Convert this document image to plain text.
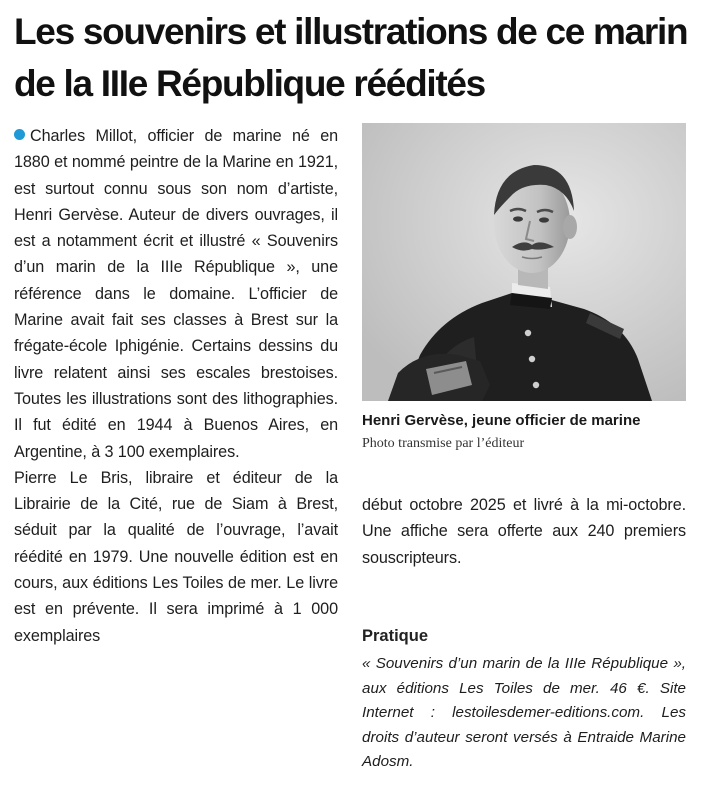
Les souvenirs et illustrations de ce marin de la IIIe République réédités

Charles Millot, officier de marine né en 1880 et nommé peintre de la Marine en 1921, est surtout connu sous son nom d’artiste, Henri Gervèse. Auteur de divers ouvrages, il est a notamment écrit et illustré « Souvenirs d’un marin de la IIIe République », une référence dans le domaine. L’officier de Marine avait fait ses classes à Brest sur la frégate-école Iphigénie. Certains dessins du livre relatent ainsi ses escales brestoises. Toutes les illustrations sont des lithographies. Il fut édité en 1944 à Buenos Aires, en Argentine, à 3 100 exemplaires.

Pierre Le Bris, libraire et éditeur de la Librairie de la Cité, rue de Siam à Brest, séduit par la qualité de l’ouvrage, l’avait réédité en 1979. Une nouvelle édition est en cours, aux éditions Les Toiles de mer. Le livre est en prévente. Il sera imprimé à 1 000 exemplaires

Henri Gervèse, jeune officier de marine

Photo transmise par l’éditeur

début octobre 2025 et livré à la mi-octobre. Une affiche sera offerte aux 240 premiers souscripteurs.

Pratique

« Souvenirs d’un marin de la IIIe République », aux éditions Les Toiles de mer. 46 €. Site Internet : lestoilesdemer-editions.com. Les droits d’auteur seront versés à Entraide Marine Adosm.
